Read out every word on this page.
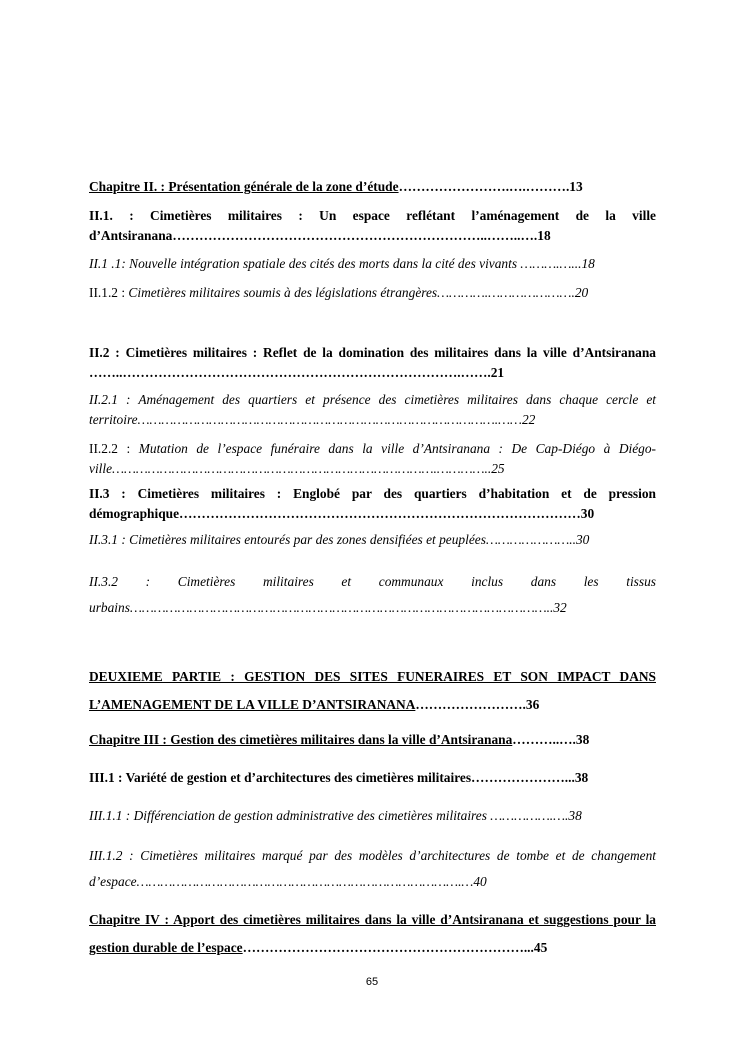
Chapitre II. : Présentation générale de la zone d’étude…………………….….……….13
II.1. : Cimetières militaires : Un espace reflétant l’aménagement de la ville d’Antsiranana……………………………………………………………..……..….18
II.1 .1: Nouvelle intégration spatiale des cités des morts dans la cité des vivants ……….…...18
II.1.2 : Cimetières militaires soumis à des législations étrangères………….………………….20
II.2 : Cimetières militaires : Reflet de la domination des militaires dans la ville d’Antsiranana ……..………………………………………………………………….…….21
II.2.1 : Aménagement des quartiers et présence des cimetières militaires dans chaque cercle et territoire……………………………………………………………………………….……22
II.2.2 : Mutation de l’espace funéraire dans la ville d’Antsiranana : De Cap-Diégo à Diégo-ville……………………………………………………………………….…………..25
II.3 : Cimetières militaires : Englobé par des quartiers d’habitation et de pression démographique………………………………………………………………………………30
II.3.1 : Cimetières militaires entourés par des zones densifiées et peuplées…………………..30
II.3.2 : Cimetières militaires et communaux inclus dans les tissus urbains……………………………………………………………………………………………..32
DEUXIEME PARTIE : GESTION DES SITES FUNERAIRES ET SON IMPACT DANS L’AMENAGEMENT DE LA VILLE D’ANTSIRANANA…………………….36
Chapitre III : Gestion des cimetières militaires dans la ville d’Antsiranana………..….38
III.1 : Variété de gestion et d’architectures des cimetières militaires…………………...38
III.1.1 : Différenciation de gestion administrative des cimetières militaires …………….….38
III.1.2 : Cimetières militaires marqué par des modèles d’architectures de tombe et de changement d’espace……………………………………………………………………….…40
Chapitre IV : Apport des cimetières militaires dans la ville d’Antsiranana et suggestions pour la gestion durable de l’espace………………………………………………………...45
65
